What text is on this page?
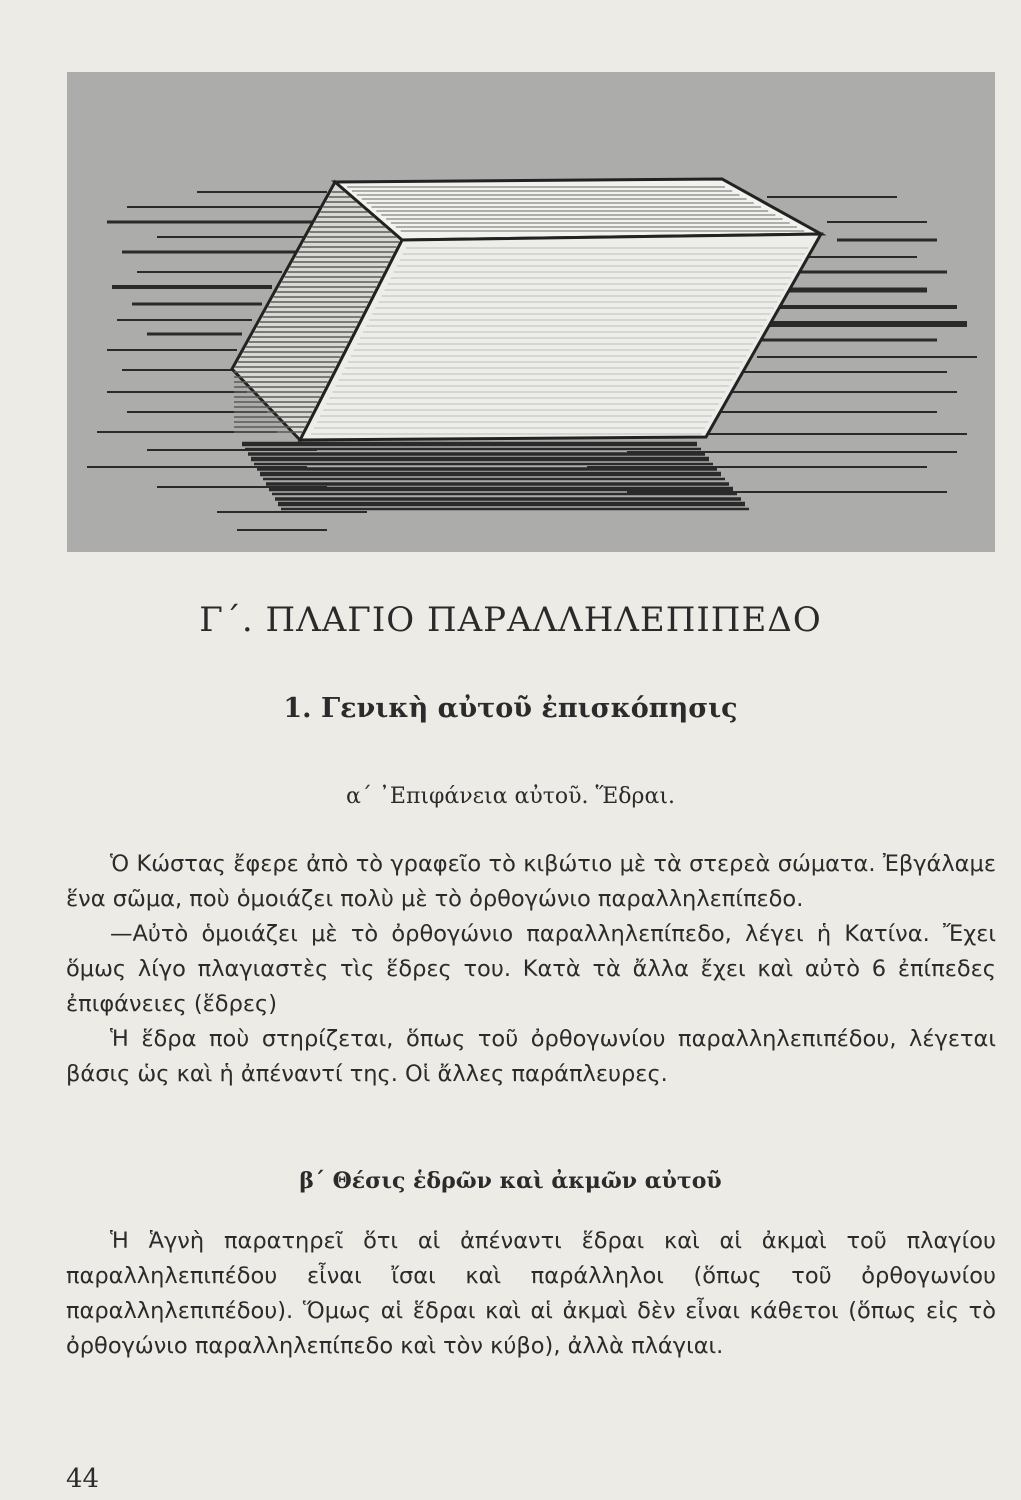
Γ΄. ΠΛΑΓΙΟ ΠΑΡΑΛΛΗΛΕΠΙΠΕΔΟ
1. Γενικὴ αὐτοῦ ἐπισκόπησις
α΄ ᾿Επιφάνεια αὐτοῦ. Ἕδραι.

Ὁ Κώστας ἔφερε ἀπὸ τὸ γραφεῖο τὸ κιβώτιο μὲ τὰ στερεὰ σώματα. Ἐβγάλαμε ἕνα σῶμα, ποὺ ὁμοιάζει πολὺ μὲ τὸ ὀρθογώνιο παραλληλεπίπεδο.

—Αὐτὸ ὁμοιάζει μὲ τὸ ὀρθογώνιο παραλληλεπίπεδο, λέγει ἡ Κατίνα. Ἔχει ὅμως λίγο πλαγιαστὲς τὶς ἕδρες του. Κατὰ τὰ ἄλλα ἔχει καὶ αὐτὸ 6 ἐπίπεδες ἐπιφάνειες (ἕδρες)

Ἡ ἕδρα ποὺ στηρίζεται, ὅπως τοῦ ὀρθογωνίου παραλληλεπιπέδου, λέγεται βάσις ὡς καὶ ἡ ἀπέναντί της. Οἱ ἄλλες παράπλευρες.

β΄ Θέσις ἑδρῶν καὶ ἀκμῶν αὐτοῦ

Ἡ Ἁγνὴ παρατηρεῖ ὅτι αἱ ἀπέναντι ἕδραι καὶ αἱ ἀκμαὶ τοῦ πλαγίου παραλληλεπιπέδου εἶναι ἴσαι καὶ παράλληλοι (ὅπως τοῦ ὀρθογωνίου παραλληλεπιπέδου). Ὅμως αἱ ἕδραι καὶ αἱ ἀκμαὶ δὲν εἶναι κάθετοι (ὅπως εἰς τὸ ὀρθογώνιο παραλληλεπίπεδο καὶ τὸν κύβο), ἀλλὰ πλάγιαι.

44
